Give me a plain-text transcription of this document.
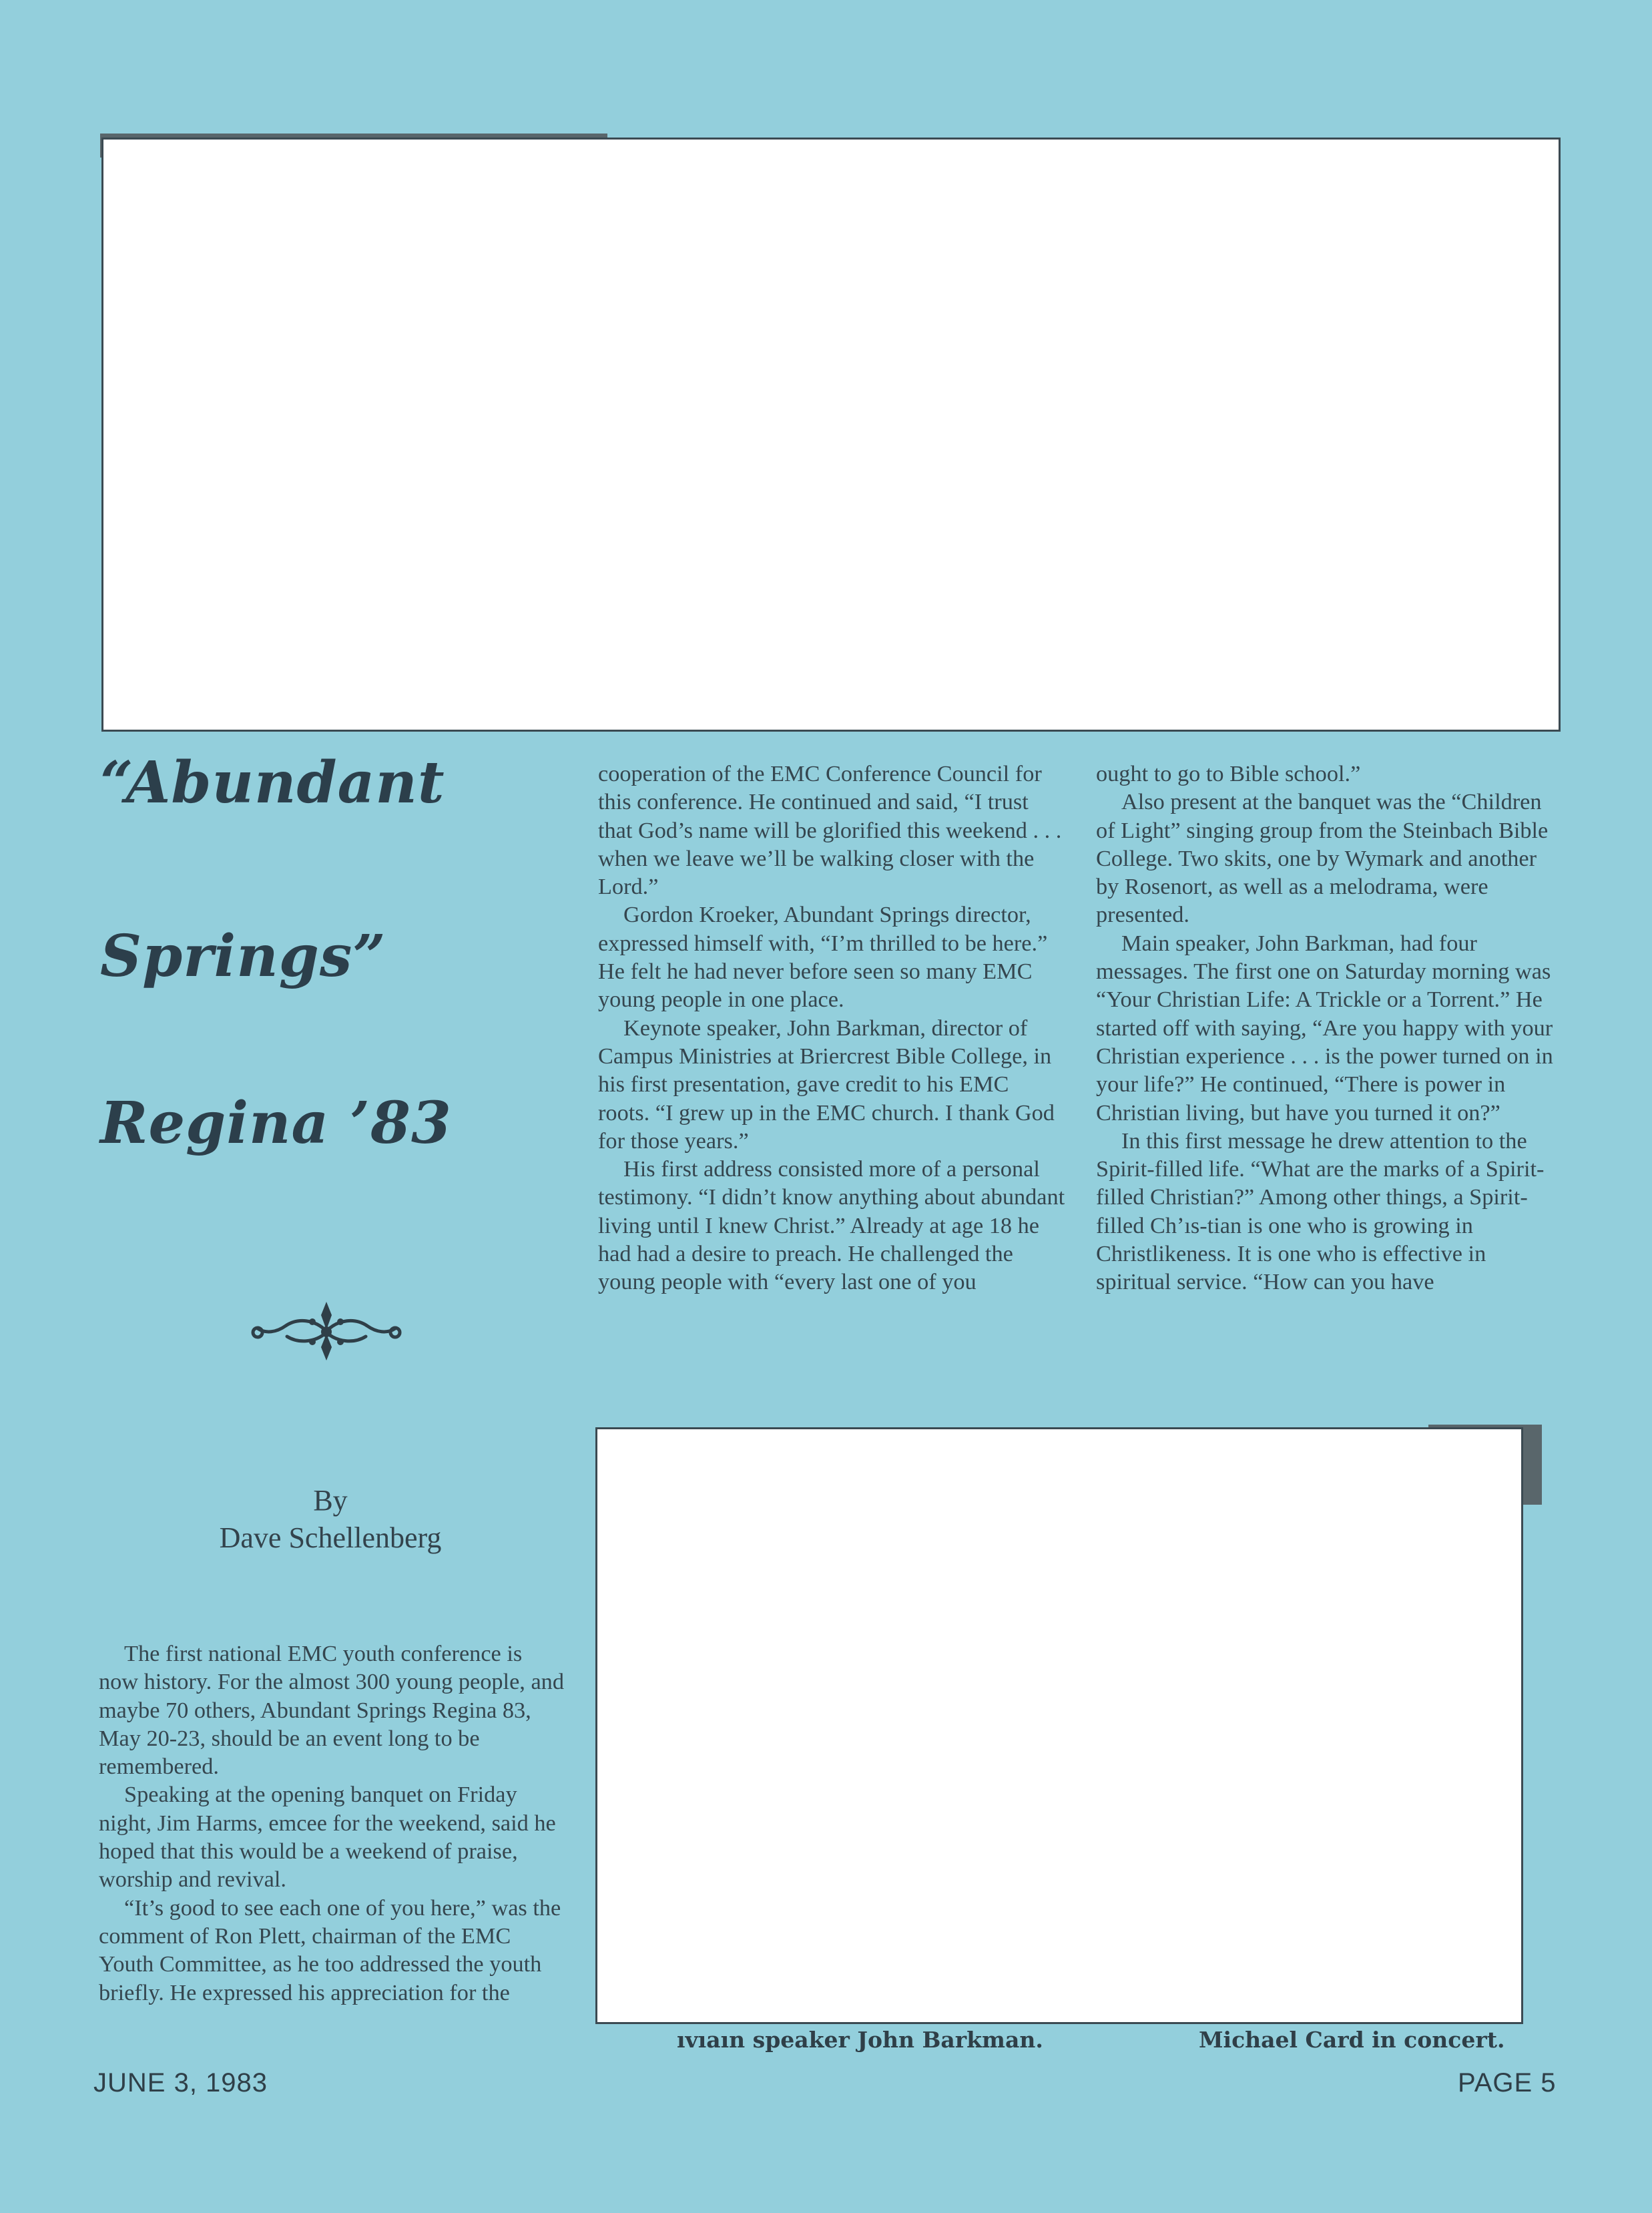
“Abundant
Springs”
Regina ’83
By
Dave Schellenberg

The first national EMC youth conference is now history. For the almost 300 young people, and maybe 70 others, Abundant Springs Regina 83, May 20-23, should be an event long to be remembered.

Speaking at the opening banquet on Friday night, Jim Harms, emcee for the weekend, said he hoped that this would be a weekend of praise, worship and revival.

“It’s good to see each one of you here,” was the comment of Ron Plett, chairman of the EMC Youth Committee, as he too addressed the youth briefly. He expressed his appreciation for the

cooperation of the EMC Conference Council for this conference. He continued and said, “I trust that God’s name will be glorified this weekend . . . when we leave we’ll be walking closer with the Lord.”

Gordon Kroeker, Abundant Springs director, expressed himself with, “I’m thrilled to be here.” He felt he had never before seen so many EMC young people in one place.

Keynote speaker, John Barkman, director of Campus Ministries at Briercrest Bible College, in his first presentation, gave credit to his EMC roots. “I grew up in the EMC church. I thank God for those years.”

His first address consisted more of a personal testimony. “I didn’t know anything about abundant living until I knew Christ.” Already at age 18 he had had a desire to preach. He challenged the young people with “every last one of you

ought to go to Bible school.”

Also present at the banquet was the “Children of Light” singing group from the Steinbach Bible College. Two skits, one by Wymark and another by Rosenort, as well as a melodrama, were presented.

Main speaker, John Barkman, had four messages. The first one on Saturday morning was “Your Christian Life: A Trickle or a Torrent.” He started off with saying, “Are you happy with your Christian experience . . . is the power turned on in your life?” He continued, “There is power in Christian living, but have you turned it on?”

In this first message he drew attention to the Spirit-filled life. “What are the marks of a Spirit-filled Christian?” Among other things, a Spirit-filled Chʼıs-tian is one who is growing in Christlikeness. It is one who is effective in spiritual service. “How can you have

ıvıaın speaker John Barkman.	Michael Card in concert.
JUNE 3, 1983	PAGE 5
